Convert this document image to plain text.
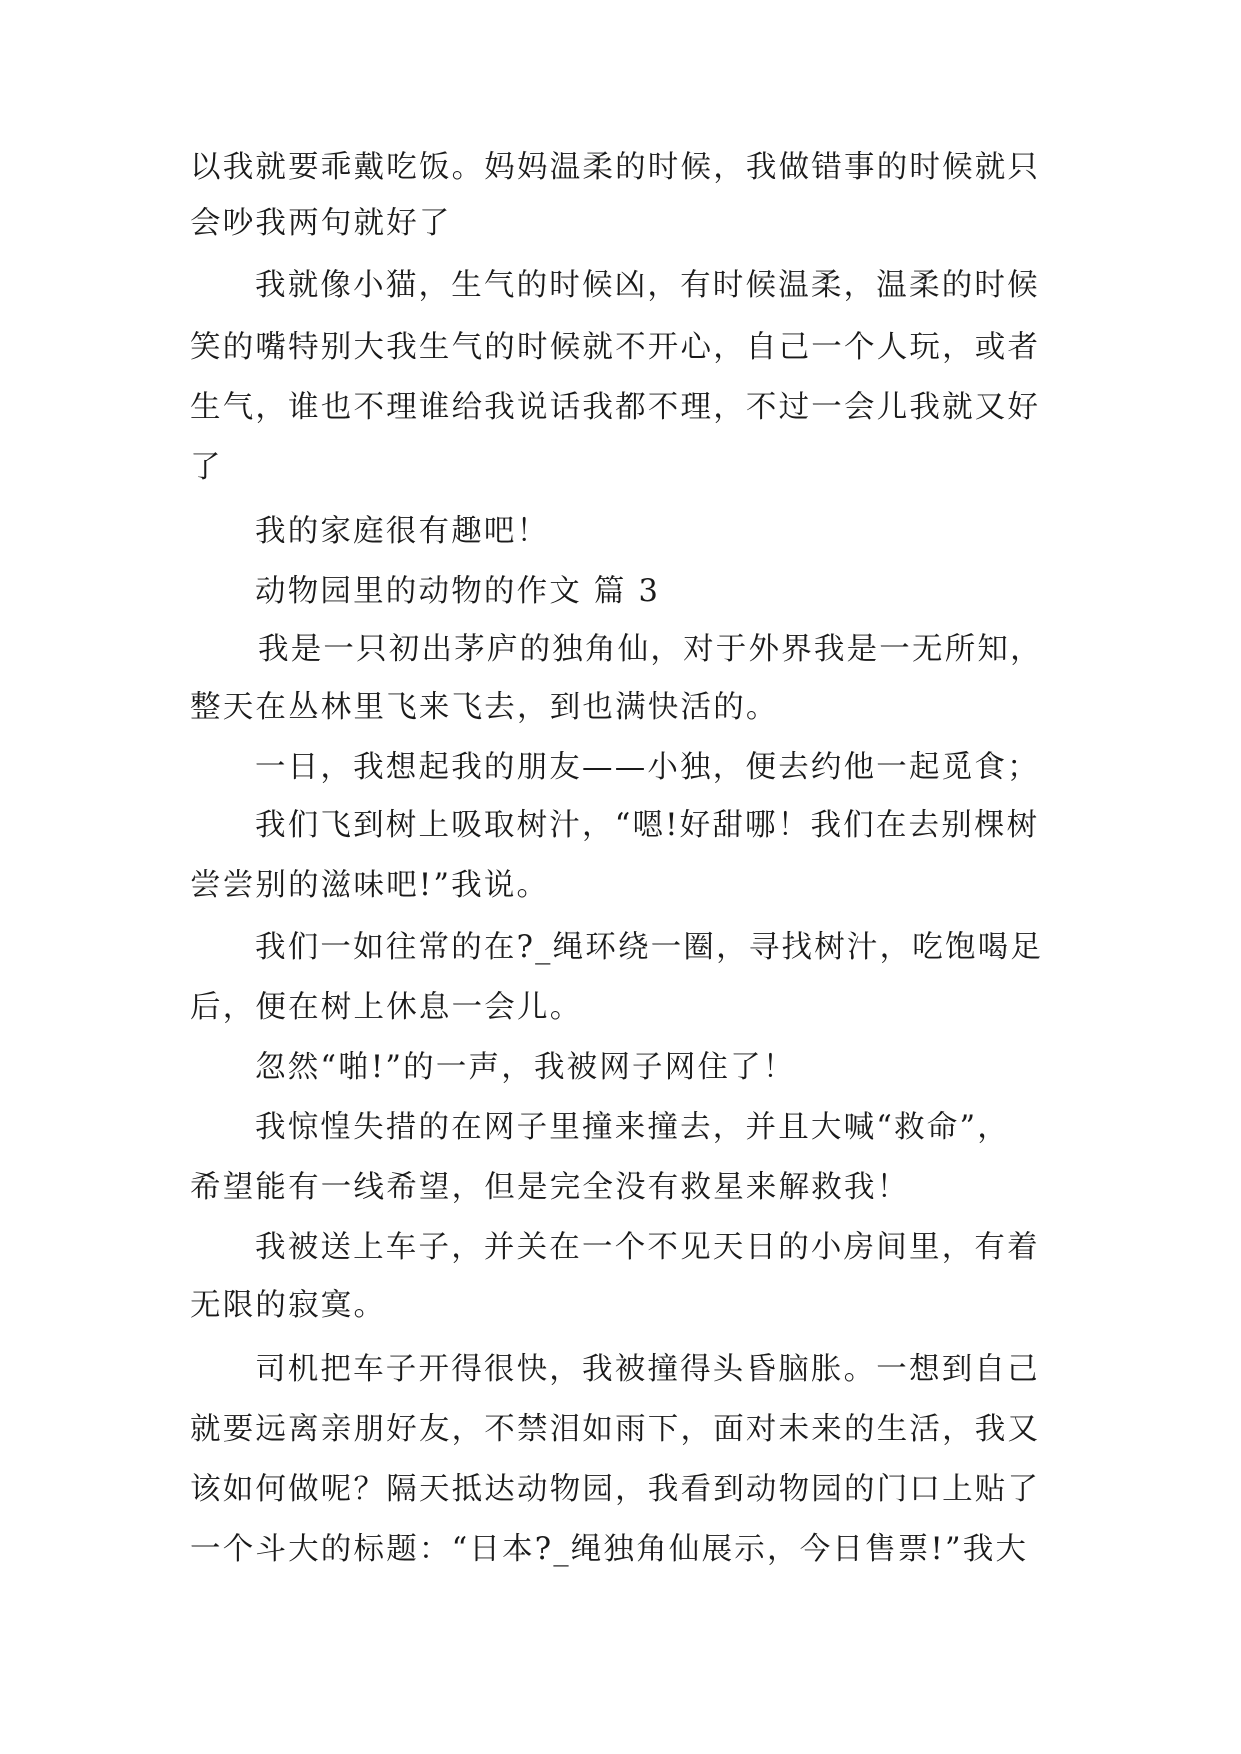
以我就要乖戴吃饭。妈妈温柔的时候，我做错事的时候就只
会吵我两句就好了
我就像小猫，生气的时候凶，有时候温柔，温柔的时候
笑的嘴特别大我生气的时候就不开心，自己一个人玩，或者
生气，谁也不理谁给我说话我都不理，不过一会儿我就又好
了
我的家庭很有趣吧！
动物园里的动物的作文 篇 3
我是一只初出茅庐的独角仙，对于外界我是一无所知，
整天在丛林里飞来飞去，到也满快活的。
一日，我想起我的朋友——小独，便去约他一起觅食；
我们飞到树上吸取树汁，“嗯!好甜哪！我们在去别棵树
尝尝别的滋味吧!”我说。
我们一如往常的在?_绳环绕一圈，寻找树汁，吃饱喝足
后，便在树上休息一会儿。
忽然“啪!”的一声，我被网子网住了！
我惊惶失措的在网子里撞来撞去，并且大喊“救命”，
希望能有一线希望，但是完全没有救星来解救我！
我被送上车子，并关在一个不见天日的小房间里，有着
无限的寂寞。
司机把车子开得很快，我被撞得头昏脑胀。一想到自己
就要远离亲朋好友，不禁泪如雨下，面对未来的生活，我又
该如何做呢？隔天抵达动物园，我看到动物园的门口上贴了
一个斗大的标题：“日本?_绳独角仙展示，今日售票!”我大
